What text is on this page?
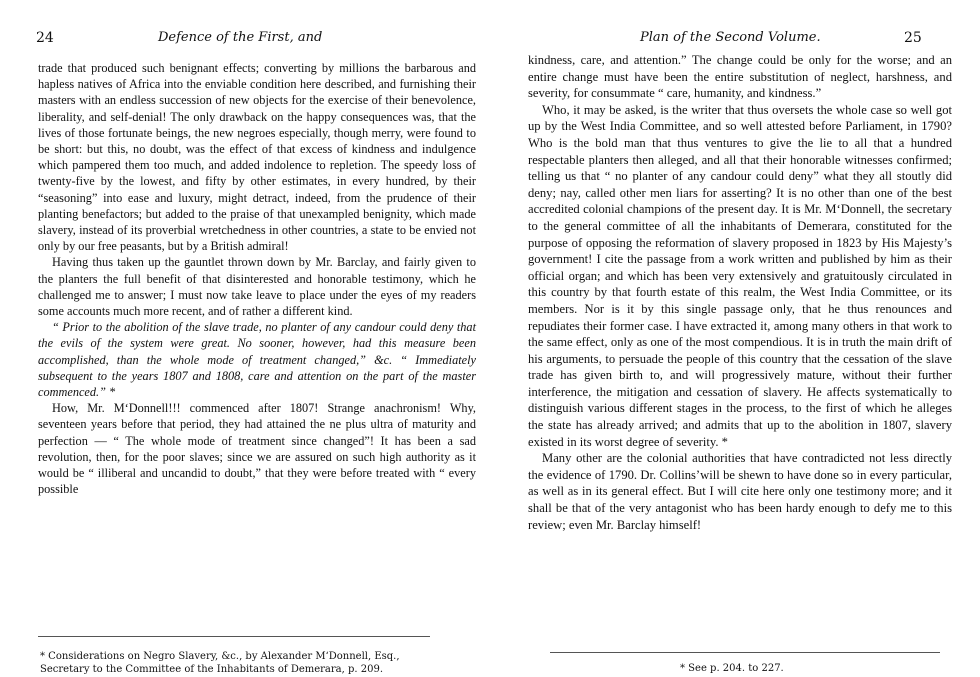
24	Defence of the First, and

trade that produced such benignant effects; converting by millions the barbarous and hapless natives of Africa into the enviable condition here described, and furnishing their masters with an endless succession of new objects for the exercise of their benevolence, liberality, and self-denial! The only drawback on the happy consequences was, that the lives of those fortunate beings, the new negroes especially, though merry, were found to be short: but this, no doubt, was the effect of that excess of kindness and indulgence which pampered them too much, and added indolence to repletion. The speedy loss of twenty-five by the lowest, and fifty by other estimates, in every hundred, by their “seasoning” into ease and luxury, might detract, indeed, from the prudence of their planting benefactors; but added to the praise of that unexampled benignity, which made slavery, instead of its proverbial wretchedness in other countries, a state to be envied not only by our free peasants, but by a British admiral!

Having thus taken up the gauntlet thrown down by Mr. Barclay, and fairly given to the planters the full benefit of that disinterested and honorable testimony, which he challenged me to answer; I must now take leave to place under the eyes of my readers some accounts much more recent, and of rather a different kind.

“ Prior to the abolition of the slave trade, no planter of any candour could deny that the evils of the system were great. No sooner, however, had this measure been accomplished, than the whole mode of treatment changed,” &c. “ Immediately subsequent to the years 1807 and 1808, care and attention on the part of the master commenced.” *

How, Mr. M‘Donnell!!! commenced after 1807! Strange anachronism! Why, seventeen years before that period, they had attained the ne plus ultra of maturity and perfection — “ The whole mode of treatment since changed”! It has been a sad revolution, then, for the poor slaves; since we are assured on such high authority as it would be “ illiberal and uncandid to doubt,” that they were before treated with “ every possible

* Considerations on Negro Slavery, &c., by Alexander M‘Donnell, Esq., Secretary to the Committee of the Inhabitants of Demerara, p. 209.
Plan of the Second Volume.	25

kindness, care, and attention.” The change could be only for the worse; and an entire change must have been the entire substitution of neglect, harshness, and severity, for consummate “ care, humanity, and kindness.”

Who, it may be asked, is the writer that thus oversets the whole case so well got up by the West India Committee, and so well attested before Parliament, in 1790? Who is the bold man that thus ventures to give the lie to all that a hundred respectable planters then alleged, and all that their honorable witnesses confirmed; telling us that “ no planter of any candour could deny” what they all stoutly did deny; nay, called other men liars for asserting? It is no other than one of the best accredited colonial champions of the present day. It is Mr. M‘Donnell, the secretary to the general committee of all the inhabitants of Demerara, constituted for the purpose of opposing the reformation of slavery proposed in 1823 by His Majesty’s government! I cite the passage from a work written and published by him as their official organ; and which has been very extensively and gratuitously circulated in this country by that fourth estate of this realm, the West India Committee, or its members. Nor is it by this single passage only, that he thus renounces and repudiates their former case. I have extracted it, among many others in that work to the same effect, only as one of the most compendious. It is in truth the main drift of his arguments, to persuade the people of this country that the cessation of the slave trade has given birth to, and will progressively mature, without their further interference, the mitigation and cessation of slavery. He affects systematically to distinguish various different stages in the process, to the first of which he alleges the state has already arrived; and admits that up to the abolition in 1807, slavery existed in its worst degree of severity. *

Many other are the colonial authorities that have contradicted not less directly the evidence of 1790. Dr. Collins’will be shewn to have done so in every particular, as well as in its general effect. But I will cite here only one testimony more; and it shall be that of the very antagonist who has been hardy enough to defy me to this review; even Mr. Barclay himself!

* See p. 204. to 227.
